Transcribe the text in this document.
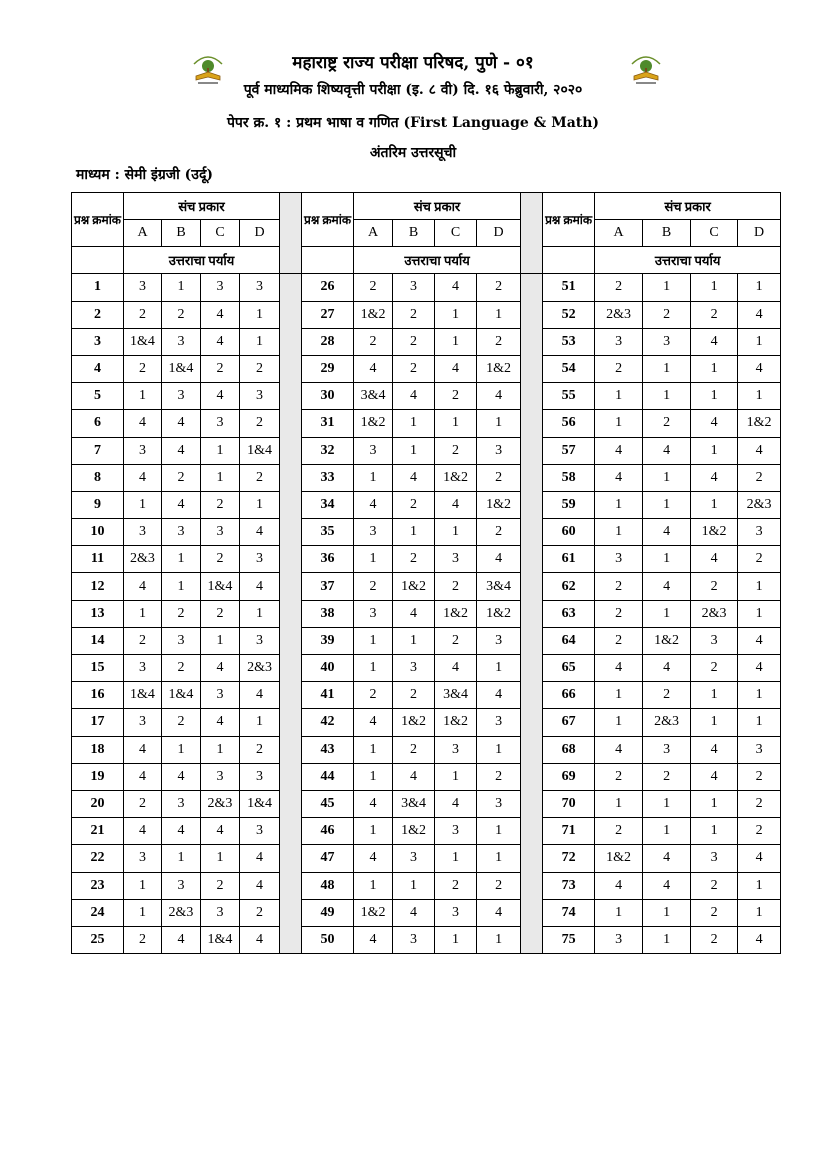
महाराष्ट्र राज्य परीक्षा परिषद, पुणे - ०१
पूर्व माध्यमिक शिष्यवृत्ती परीक्षा (इ. ८ वी) दि. १६ फेब्रुवारी, २०२०
पेपर क्र. १ : प्रथम भाषा व गणित (First Language & Math)
अंतरिम उत्तरसूची
माध्यम : सेमी इंग्रजी (उर्दू)
प्रश्न क्रमांक	संच प्रकार					प्रश्न क्रमांक	संच प्रकार					प्रश्न क्रमांक	संच प्रकार			
	A	B	C	D			A	B	C	D			A	B	C	D
	उत्तराचा पर्याय						उत्तराचा पर्याय						उत्तराचा पर्याय			
1	3	1	3	3		26	2	3	4	2		51	2	1	1	1
2	2	2	4	1		27	1&2	2	1	1		52	2&3	2	2	4
3	1&4	3	4	1		28	2	2	1	2		53	3	3	4	1
4	2	1&4	2	2		29	4	2	4	1&2		54	2	1	1	4
5	1	3	4	3		30	3&4	4	2	4		55	1	1	1	1
6	4	4	3	2		31	1&2	1	1	1		56	1	2	4	1&2
7	3	4	1	1&4		32	3	1	2	3		57	4	4	1	4
8	4	2	1	2		33	1	4	1&2	2		58	4	1	4	2
9	1	4	2	1		34	4	2	4	1&2		59	1	1	1	2&3
10	3	3	3	4		35	3	1	1	2		60	1	4	1&2	3
11	2&3	1	2	3		36	1	2	3	4		61	3	1	4	2
12	4	1	1&4	4		37	2	1&2	2	3&4		62	2	4	2	1
13	1	2	2	1		38	3	4	1&2	1&2		63	2	1	2&3	1
14	2	3	1	3		39	1	1	2	3		64	2	1&2	3	4
15	3	2	4	2&3		40	1	3	4	1		65	4	4	2	4
16	1&4	1&4	3	4		41	2	2	3&4	4		66	1	2	1	1
17	3	2	4	1		42	4	1&2	1&2	3		67	1	2&3	1	1
18	4	1	1	2		43	1	2	3	1		68	4	3	4	3
19	4	4	3	3		44	1	4	1	2		69	2	2	4	2
20	2	3	2&3	1&4		45	4	3&4	4	3		70	1	1	1	2
21	4	4	4	3		46	1	1&2	3	1		71	2	1	1	2
22	3	1	1	4		47	4	3	1	1		72	1&2	4	3	4
23	1	3	2	4		48	1	1	2	2		73	4	4	2	1
24	1	2&3	3	2		49	1&2	4	3	4		74	1	1	2	1
25	2	4	1&4	4		50	4	3	1	1		75	3	1	2	4
